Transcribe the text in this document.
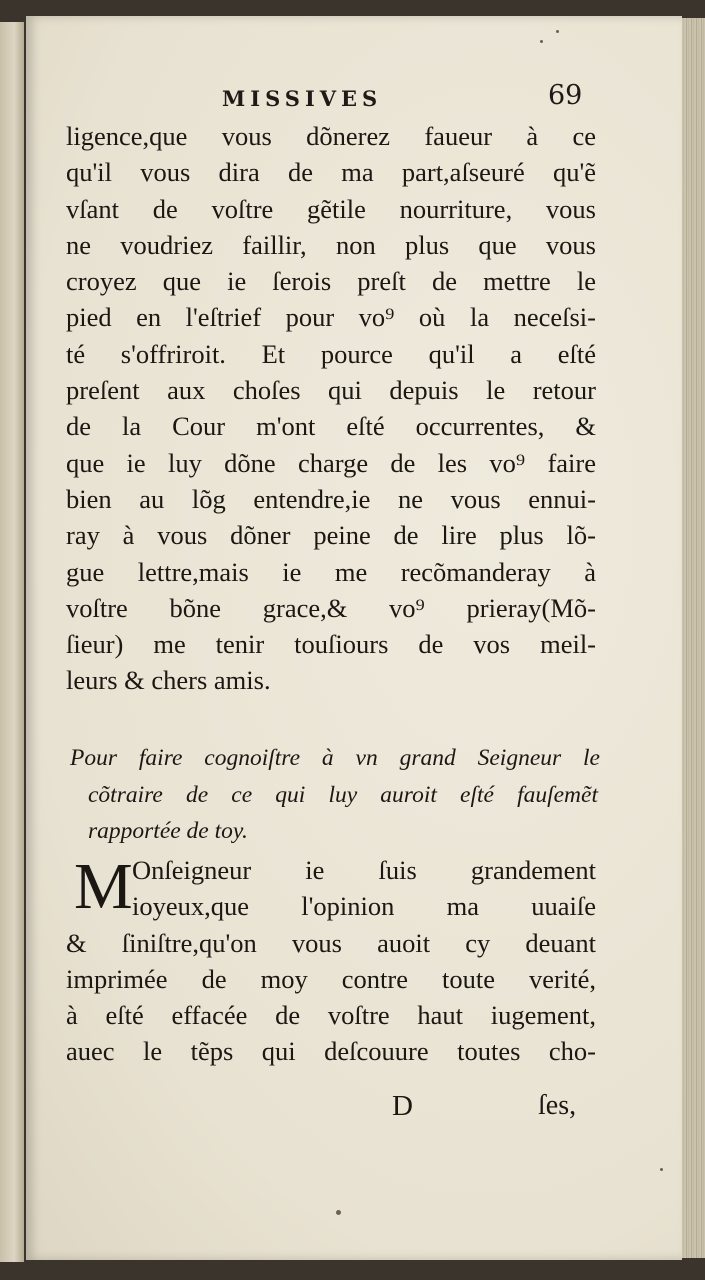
MISSIVES	69
ligence,que vous dõnerez faueur à ce
qu'il vous dira de ma part,aſseuré qu'ẽ
vſant de voſtre gẽtile nourriture, vous
ne voudriez faillir, non plus que vous
croyez que ie ſerois preſt de mettre le
pied en l'eſtrief pour vo⁹ où la neceſsi-
té s'offriroit. Et pource qu'il a eſté
preſent aux choſes qui depuis le retour
de la Cour m'ont eſté occurrentes, &
que ie luy dõne charge de les vo⁹ faire
bien au lõg entendre,ie ne vous ennui-
ray à vous dõner peine de lire plus lõ-
gue lettre,mais ie me recõmanderay à
voſtre bõne grace,& vo⁹ prieray(Mõ-
ſieur) me tenir touſiours de vos meil-
leurs & chers amis.
Pour faire cognoiſtre à vn grand Seigneur le
cõtraire de ce qui luy auroit eſté fauſemẽt
rapportée de toy.
M Onſeigneur ie ſuis grandement
ioyeux,que l'opinion ma uuaiſe
& ſiniſtre,qu'on vous auoit cy deuant
imprimée de moy contre toute verité,
à eſté effacée de voſtre haut iugement,
auec le tẽps qui deſcouure toutes cho-
D	ſes,
